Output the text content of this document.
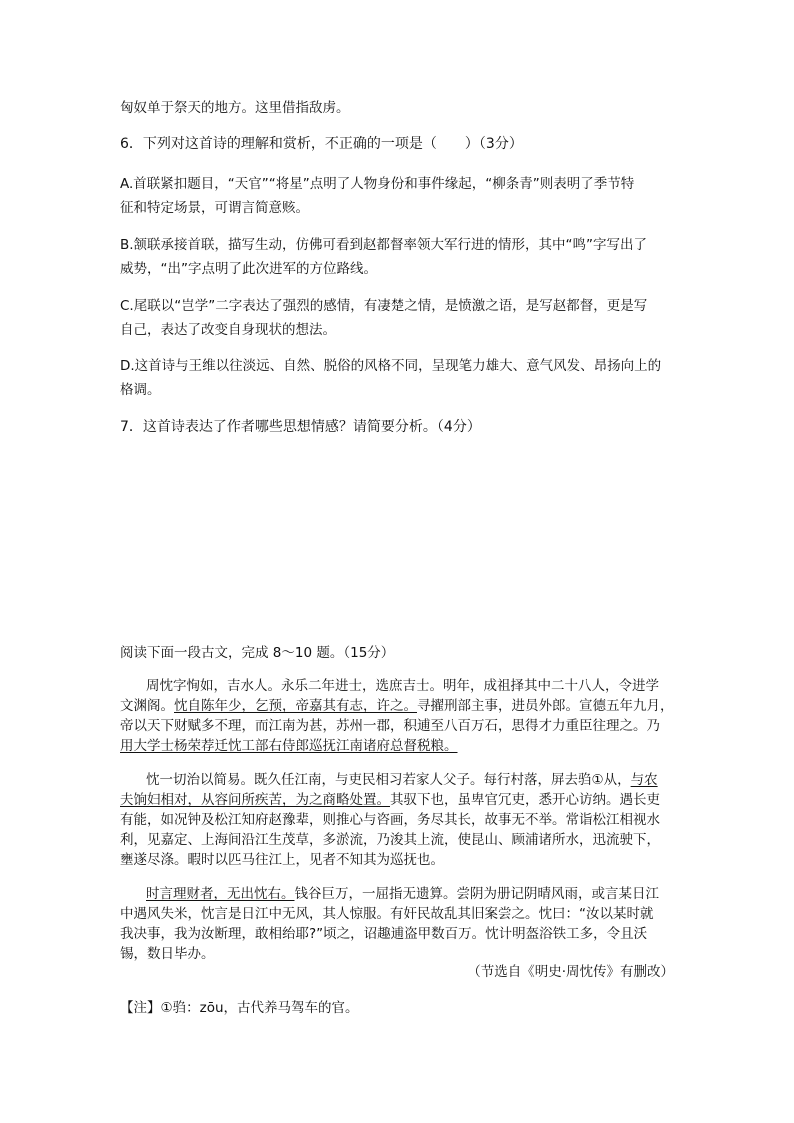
匈奴单于祭天的地方。这里借指敌虏。
6．下列对这首诗的理解和赏析，不正确的一项是（　　）（3分）
A.首联紧扣题目，“天官”“将星”点明了人物身份和事件缘起，“柳条青”则表明了季节特
征和特定场景，可谓言简意赅。
B.颔联承接首联，描写生动，仿佛可看到赵都督率领大军行进的情形，其中“鸣”字写出了
威势，“出”字点明了此次进军的方位路线。
C.尾联以“岂学”二字表达了强烈的感情，有凄楚之情，是愤激之语，是写赵都督，更是写
自己，表达了改变自身现状的想法。
D.这首诗与王维以往淡远、自然、脱俗的风格不同，呈现笔力雄大、意气风发、昂扬向上的
格调。
7．这首诗表达了作者哪些思想情感？请简要分析。（4分）
阅读下面一段古文，完成 8～10 题。（15分）
周忱字恂如，吉水人。永乐二年进士，选庶吉士。明年，成祖择其中二十八人，令进学
文渊阁。忱自陈年少，乞预，帝嘉其有志，许之。寻擢刑部主事，进员外郎。宣德五年九月，
帝以天下财赋多不理，而江南为甚，苏州一郡，积逋至八百万石，思得才力重臣往理之。乃
用大学士杨荣荐迁忱工部右侍郎巡抚江南诸府总督税粮。
忱一切治以简易。既久任江南，与吏民相习若家人父子。每行村落，屏去驺①从，与农
夫饷妇相对，从容问所疾苦，为之商略处置。其驭下也，虽卑官冗吏，悉开心访纳。遇长吏
有能，如况钟及松江知府赵豫辈，则推心与咨画，务尽其长，故事无不举。常诣松江相视水
利，见嘉定、上海间沿江生茂草，多淤流，乃浚其上流，使昆山、顾浦诸所水，迅流驶下，
壅遂尽涤。暇时以匹马往江上，见者不知其为巡抚也。
时言理财者，无出忱右。钱谷巨万，一屈指无遗算。尝阴为册记阴晴风雨，或言某日江
中遇风失米，忱言是日江中无风，其人惊服。有奸民故乱其旧案尝之。忱曰：“汝以某时就
我决事，我为汝断理，敢相绐耶?”顷之，诏趣逋盗甲数百万。忱计明盔浴铁工多，令且沃
锡，数日毕办。
（节选自《明史·周忱传》有删改）
【注】①驺：zōu，古代养马驾车的官。
